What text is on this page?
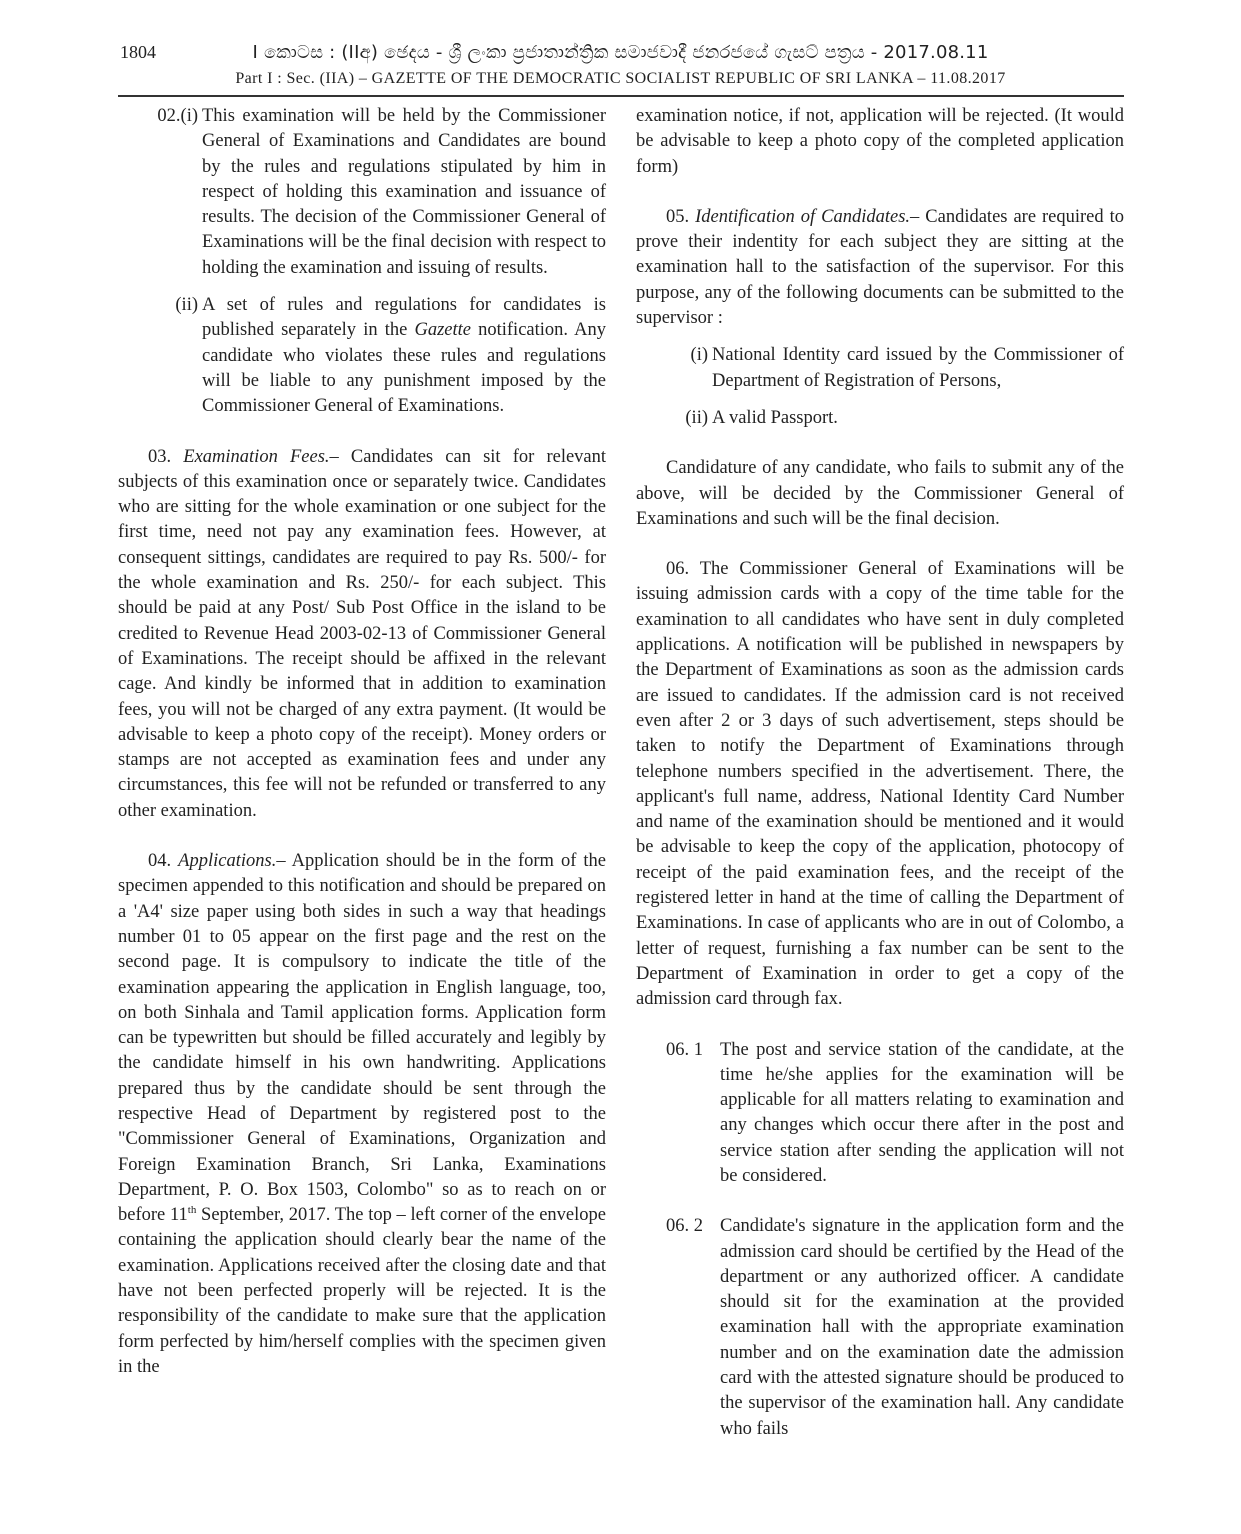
1804	I කොටස : (IIඅ) ඡෙදය - ශ්‍රී ලංකා ප්‍රජාතාන්ත්‍රික සමාජවාදී ජනරජයේ ගැසට් පත්‍රය - 2017.08.11
Part I : Sec. (IIA) – GAZETTE OF THE DEMOCRATIC SOCIALIST REPUBLIC OF SRI LANKA – 11.08.2017
02.(i) This examination will be held by the Commissioner General of Examinations and Candidates are bound by the rules and regulations stipulated by him in respect of holding this examination and issuance of results. The decision of the Commissioner General of Examinations will be the final decision with respect to holding the examination and issuing of results.
(ii) A set of rules and regulations for candidates is published separately in the Gazette notification. Any candidate who violates these rules and regulations will be liable to any punishment imposed by the Commissioner General of Examinations.

03. Examination Fees.– Candidates can sit for relevant subjects of this examination once or separately twice. Candidates who are sitting for the whole examination or one subject for the first time, need not pay any examination fees. However, at consequent sittings, candidates are required to pay Rs. 500/- for the whole examination and Rs. 250/- for each subject. This should be paid at any Post/ Sub Post Office in the island to be credited to Revenue Head 2003-02-13 of Commissioner General of Examinations. The receipt should be affixed in the relevant cage. And kindly be informed that in addition to examination fees, you will not be charged of any extra payment. (It would be advisable to keep a photo copy of the receipt). Money orders or stamps are not accepted as examination fees and under any circumstances, this fee will not be refunded or transferred to any other examination.

04. Applications.– Application should be in the form of the specimen appended to this notification and should be prepared on a 'A4' size paper using both sides in such a way that headings number 01 to 05 appear on the first page and the rest on the second page. It is compulsory to indicate the title of the examination appearing the application in English language, too, on both Sinhala and Tamil application forms. Application form can be typewritten but should be filled accurately and legibly by the candidate himself in his own handwriting. Applications prepared thus by the candidate should be sent through the respective Head of Department by registered post to the "Commissioner General of Examinations, Organization and Foreign Examination Branch, Sri Lanka, Examinations Department, P. O. Box 1503, Colombo" so as to reach on or before 11th September, 2017. The top – left corner of the envelope containing the application should clearly bear the name of the examination. Applications received after the closing date and that have not been perfected properly will be rejected. It is the responsibility of the candidate to make sure that the application form perfected by him/herself complies with the specimen given in the

examination notice, if not, application will be rejected. (It would be advisable to keep a photo copy of the completed application form)

05. Identification of Candidates.– Candidates are required to prove their indentity for each subject they are sitting at the examination hall to the satisfaction of the supervisor. For this purpose, any of the following documents can be submitted to the supervisor :

(i) National Identity card issued by the Commissioner of Department of Registration of Persons,
(ii) A valid Passport.

Candidature of any candidate, who fails to submit any of the above, will be decided by the Commissioner General of Examinations and such will be the final decision.

06. The Commissioner General of Examinations will be issuing admission cards with a copy of the time table for the examination to all candidates who have sent in duly completed applications. A notification will be published in newspapers by the Department of Examinations as soon as the admission cards are issued to candidates. If the admission card is not received even after 2 or 3 days of such advertisement, steps should be taken to notify the Department of Examinations through telephone numbers specified in the advertisement. There, the applicant's full name, address, National Identity Card Number and name of the examination should be mentioned and it would be advisable to keep the copy of the application, photocopy of receipt of the paid examination fees, and the receipt of the registered letter in hand at the time of calling the Department of Examinations. In case of applicants who are in out of Colombo, a letter of request, furnishing a fax number can be sent to the Department of Examination in order to get a copy of the admission card through fax.

06. 1 The post and service station of the candidate, at the time he/she applies for the examination will be applicable for all matters relating to examination and any changes which occur there after in the post and service station after sending the application will not be considered.
06. 2 Candidate's signature in the application form and the admission card should be certified by the Head of the department or any authorized officer. A candidate should sit for the examination at the provided examination hall with the appropriate examination number and on the examination date the admission card with the attested signature should be produced to the supervisor of the examination hall. Any candidate who fails
